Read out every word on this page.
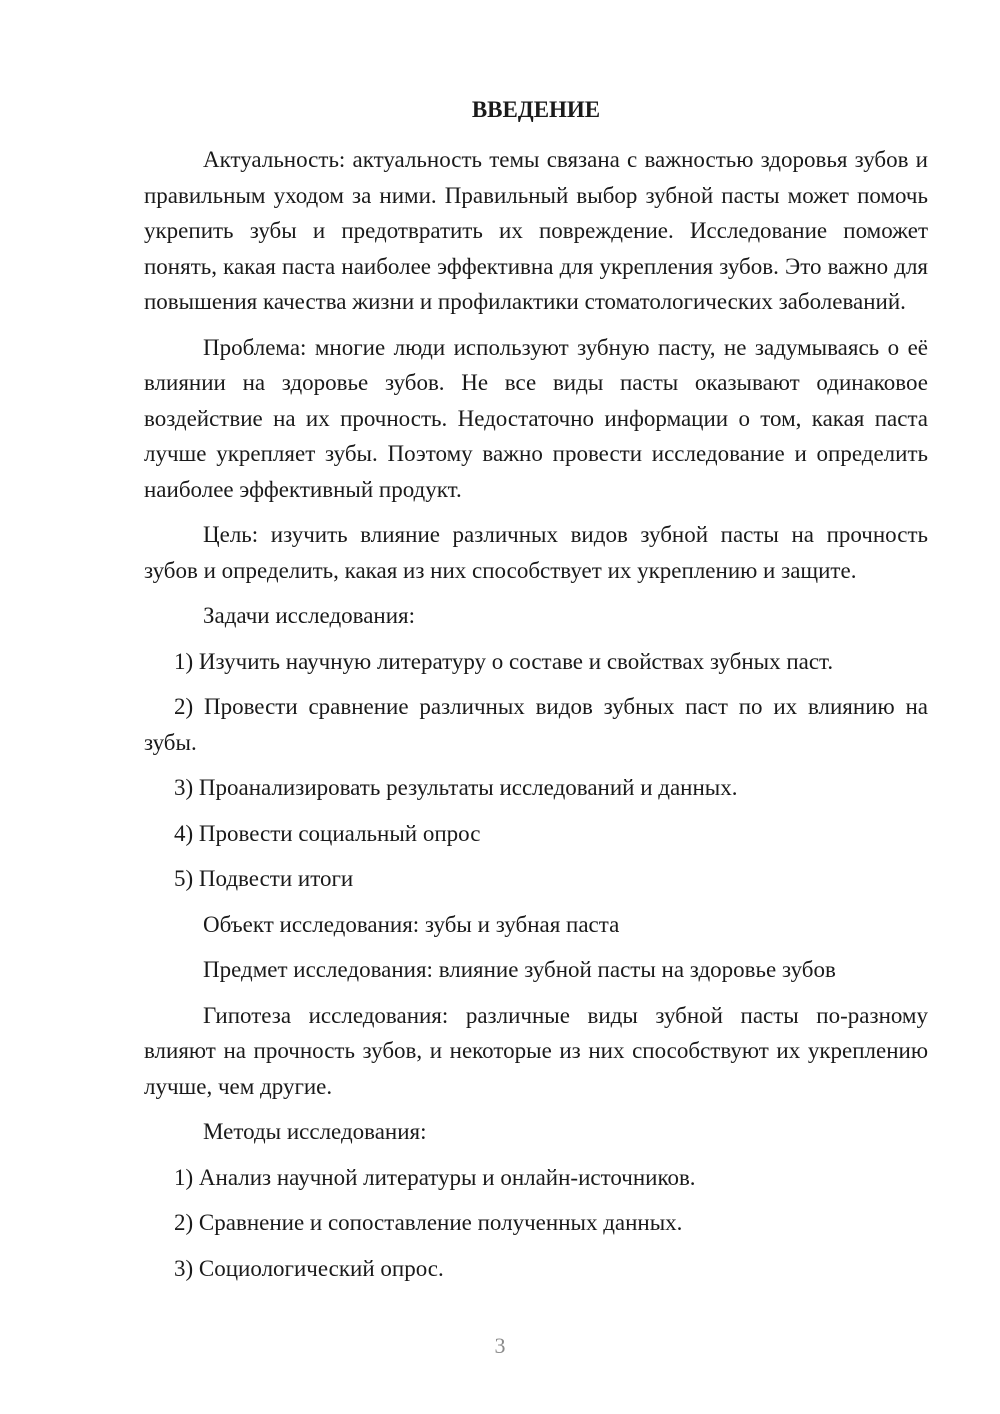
ВВЕДЕНИЕ

Актуальность: актуальность темы связана с важностью здоровья зубов и правильным уходом за ними. Правильный выбор зубной пасты может помочь укрепить зубы и предотвратить их повреждение. Исследование поможет понять, какая паста наиболее эффективна для укрепления зубов. Это важно для повышения качества жизни и профилактики стоматологических заболеваний.

Проблема: многие люди используют зубную пасту, не задумываясь о её влиянии на здоровье зубов. Не все виды пасты оказывают одинаковое воздействие на их прочность. Недостаточно информации о том, какая паста лучше укрепляет зубы. Поэтому важно провести исследование и определить наиболее эффективный продукт.

Цель: изучить влияние различных видов зубной пасты на прочность зубов и определить, какая из них способствует их укреплению и защите.

Задачи исследования:

1) Изучить научную литературу о составе и свойствах зубных паст.

2) Провести сравнение различных видов зубных паст по их влиянию на зубы.

3) Проанализировать результаты исследований и данных.

4) Провести социальный опрос

5) Подвести итоги

Объект исследования: зубы и зубная паста

Предмет исследования: влияние зубной пасты на здоровье зубов

Гипотеза исследования: различные виды зубной пасты по-разному влияют на прочность зубов, и некоторые из них способствуют их укреплению лучше, чем другие.

Методы исследования:

1) Анализ научной литературы и онлайн-источников.

2) Сравнение и сопоставление полученных данных.

3) Социологический опрос.

3
